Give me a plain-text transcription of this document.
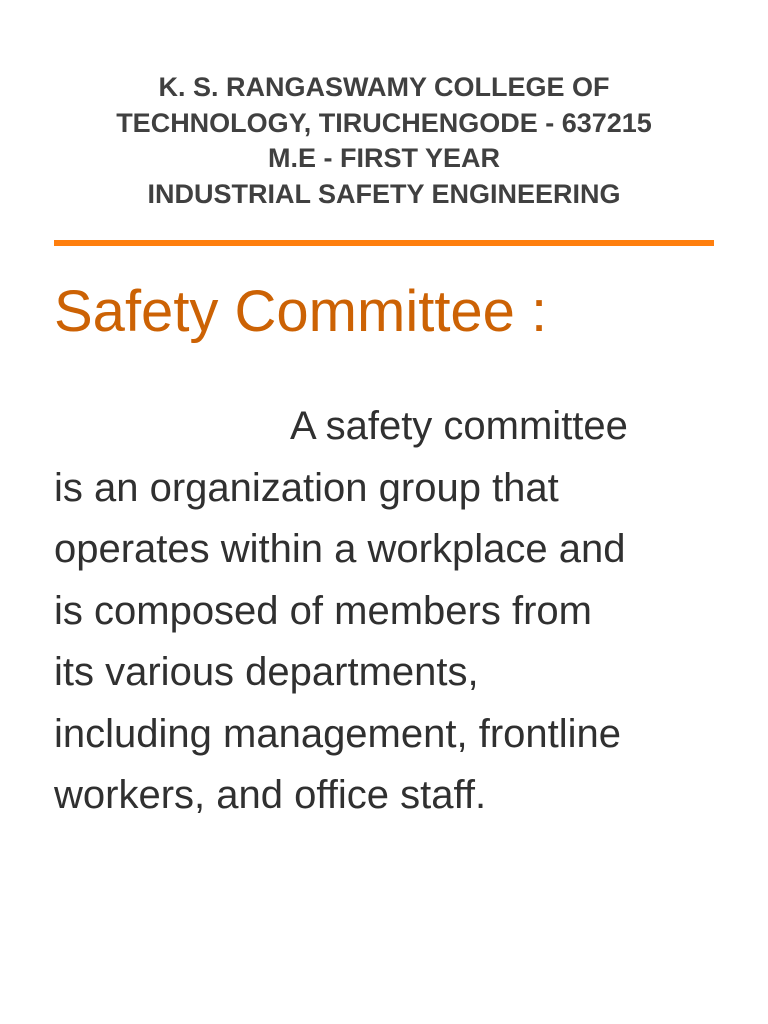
K. S. RANGASWAMY COLLEGE OF
TECHNOLOGY, TIRUCHENGODE - 637215
M.E - FIRST YEAR
INDUSTRIAL SAFETY ENGINEERING
Safety Committee :
A safety committee
is an organization group that
operates within a workplace and
is composed of members from
its various departments,
including management, frontline
workers, and office staff.
